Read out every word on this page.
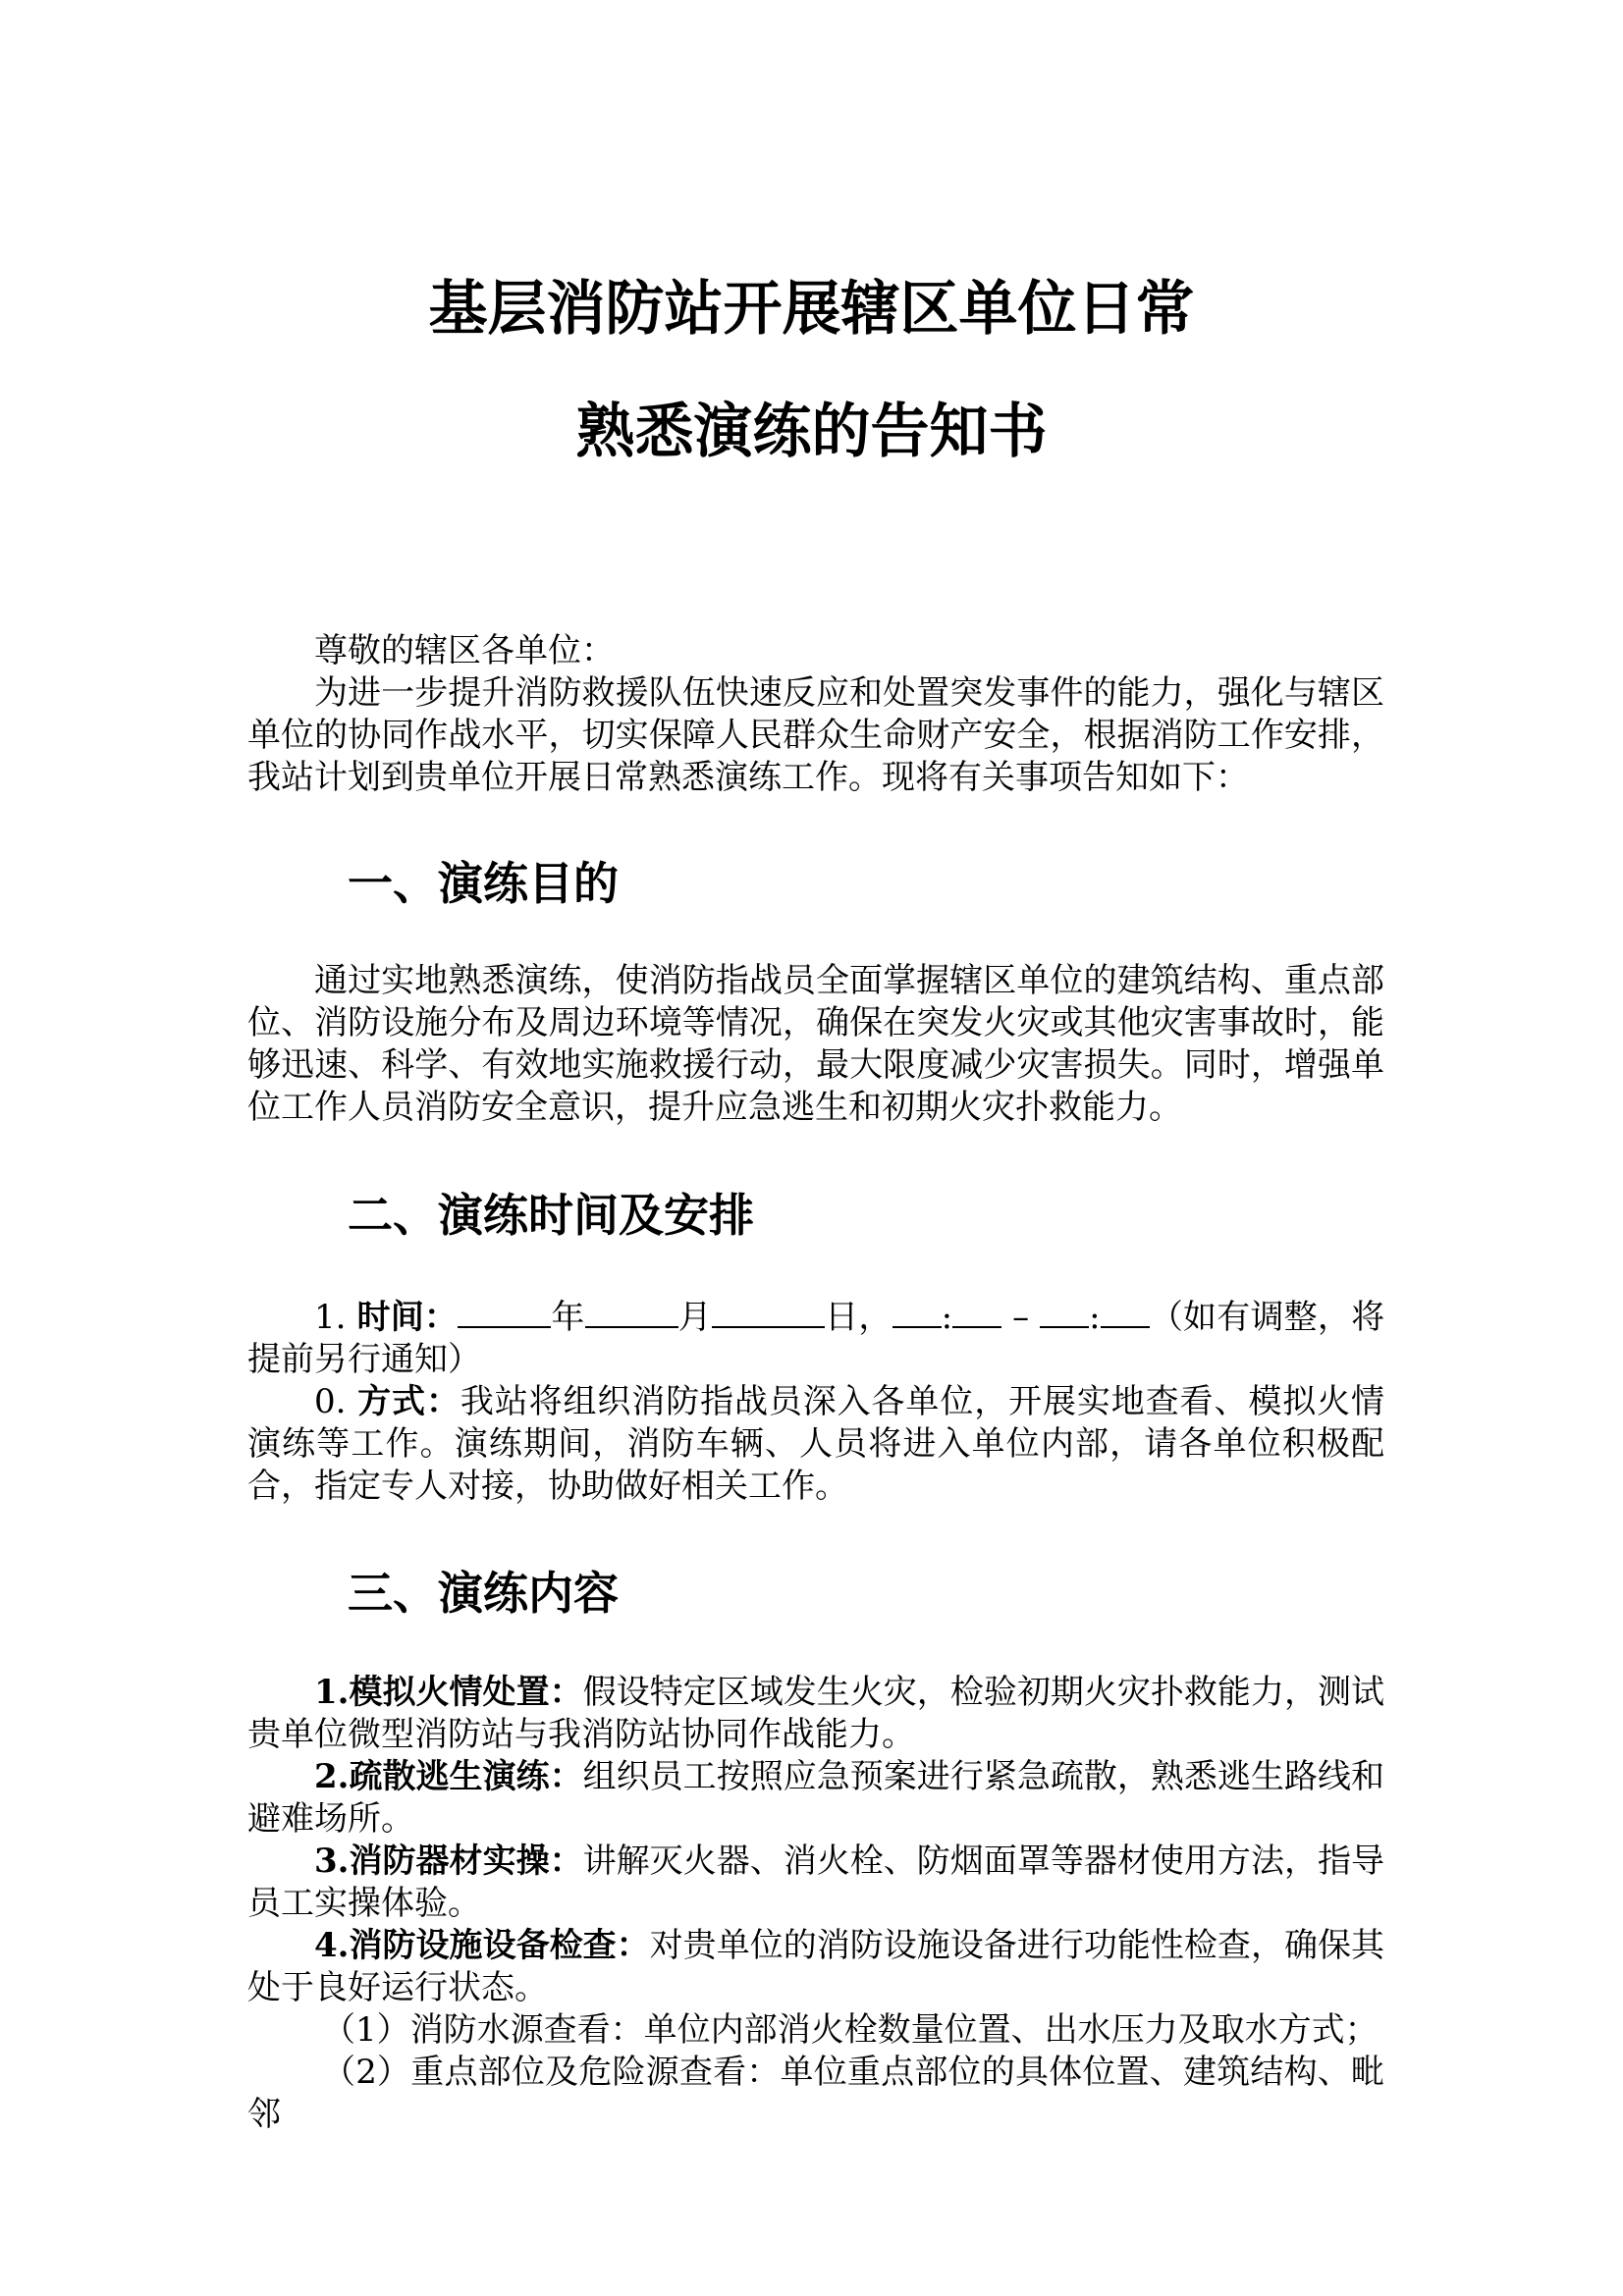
基层消防站开展辖区单位日常
熟悉演练的告知书
尊敬的辖区各单位：
为进一步提升消防救援队伍快速反应和处置突发事件的能力，强化与辖区单位的协同作战水平，切实保障人民群众生命财产安全，根据消防工作安排，我站计划到贵单位开展日常熟悉演练工作。现将有关事项告知如下：
一、演练目的
通过实地熟悉演练，使消防指战员全面掌握辖区单位的建筑结构、重点部位、消防设施分布及周边环境等情况，确保在突发火灾或其他灾害事故时，能够迅速、科学、有效地实施救援行动，最大限度减少灾害损失。同时，增强单位工作人员消防安全意识，提升应急逃生和初期火灾扑救能力。
二、演练时间及安排
1. 时间：	年	月	日， : – : （如有调整，将提前另行通知）
0. 方式：我站将组织消防指战员深入各单位，开展实地查看、模拟火情演练等工作。演练期间，消防车辆、人员将进入单位内部，请各单位积极配合，指定专人对接，协助做好相关工作。
三、演练内容
1.模拟火情处置：假设特定区域发生火灾，检验初期火灾扑救能力，测试贵单位微型消防站与我消防站协同作战能力。
2.疏散逃生演练：组织员工按照应急预案进行紧急疏散，熟悉逃生路线和避难场所。
3.消防器材实操：讲解灭火器、消火栓、防烟面罩等器材使用方法，指导员工实操体验。
4.消防设施设备检查：对贵单位的消防设施设备进行功能性检查，确保其处于良好运行状态。
（1）消防水源查看：单位内部消火栓数量位置、出水压力及取水方式；
（2）重点部位及危险源查看：单位重点部位的具体位置、建筑结构、毗邻
